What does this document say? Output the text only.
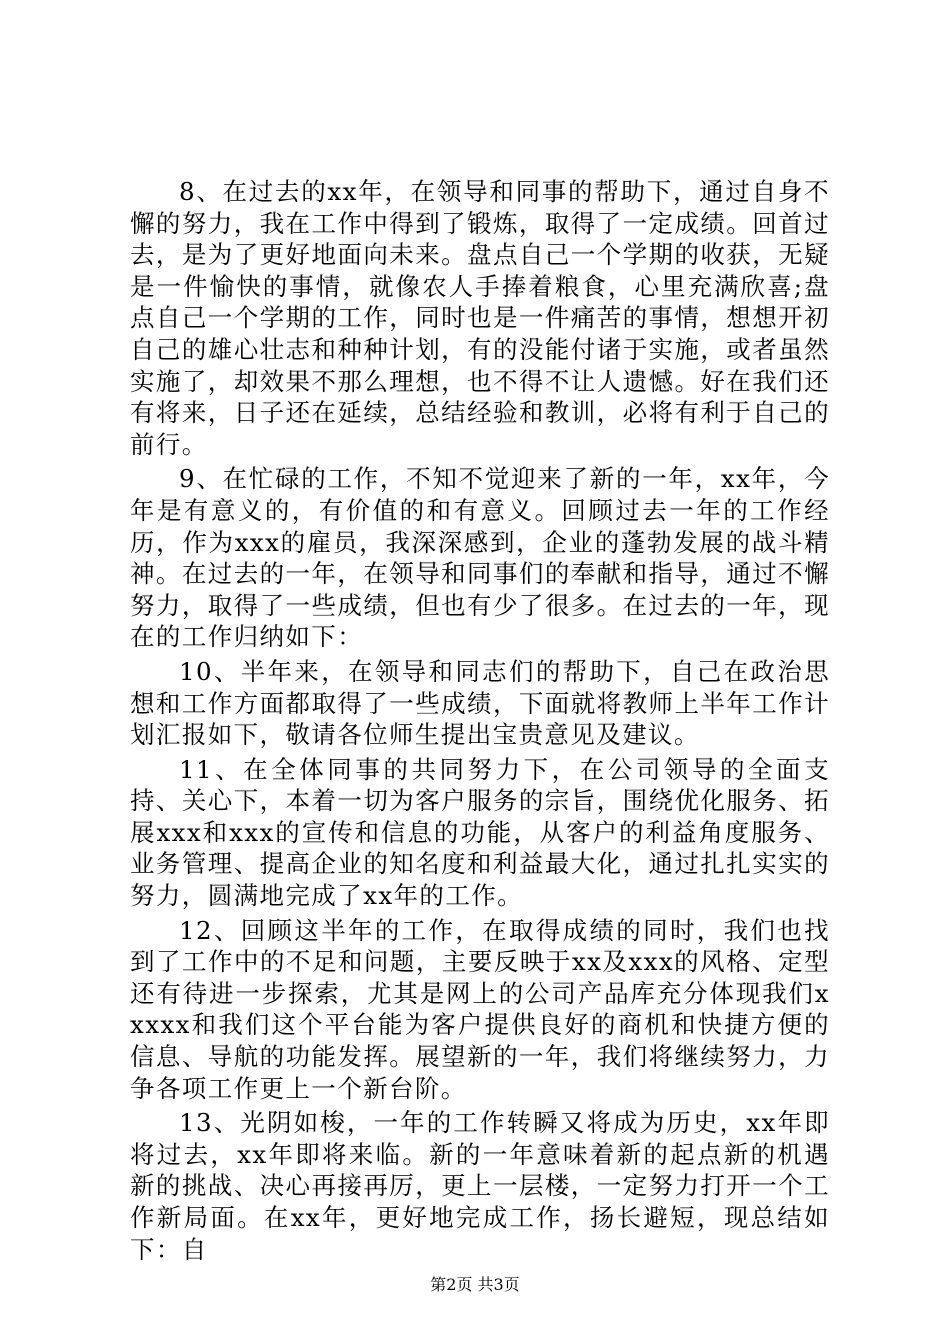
8、在过去的xx年，在领导和同事的帮助下，通过自身不懈的努力，我在工作中得到了锻炼，取得了一定成绩。回首过去，是为了更好地面向未来。盘点自己一个学期的收获，无疑是一件愉快的事情，就像农人手捧着粮食，心里充满欣喜;盘点自己一个学期的工作，同时也是一件痛苦的事情，想想开初自己的雄心壮志和种种计划，有的没能付诸于实施，或者虽然实施了，却效果不那么理想，也不得不让人遗憾。好在我们还有将来，日子还在延续，总结经验和教训，必将有利于自己的前行。

9、在忙碌的工作，不知不觉迎来了新的一年，xx年，今年是有意义的，有价值的和有意义。回顾过去一年的工作经历，作为xxx的雇员，我深深感到，企业的蓬勃发展的战斗精神。在过去的一年，在领导和同事们的奉献和指导，通过不懈努力，取得了一些成绩，但也有少了很多。在过去的一年，现在的工作归纳如下：

10、半年来，在领导和同志们的帮助下，自己在政治思想和工作方面都取得了一些成绩，下面就将教师上半年工作计划汇报如下，敬请各位师生提出宝贵意见及建议。

11、在全体同事的共同努力下，在公司领导的全面支持、关心下，本着一切为客户服务的宗旨，围绕优化服务、拓展xxx和xxx的宣传和信息的功能，从客户的利益角度服务、业务管理、提高企业的知名度和利益最大化，通过扎扎实实的努力，圆满地完成了xx年的工作。

12、回顾这半年的工作，在取得成绩的同时，我们也找到了工作中的不足和问题，主要反映于xx及xxx的风格、定型还有待进一步探索，尤其是网上的公司产品库充分体现我们xxxxx和我们这个平台能为客户提供良好的商机和快捷方便的信息、导航的功能发挥。展望新的一年，我们将继续努力，力争各项工作更上一个新台阶。

13、光阴如梭，一年的工作转瞬又将成为历史，xx年即将过去，xx年即将来临。新的一年意味着新的起点新的机遇新的挑战、决心再接再厉，更上一层楼，一定努力打开一个工作新局面。在xx年，更好地完成工作，扬长避短，现总结如下：自

第2页 共3页
